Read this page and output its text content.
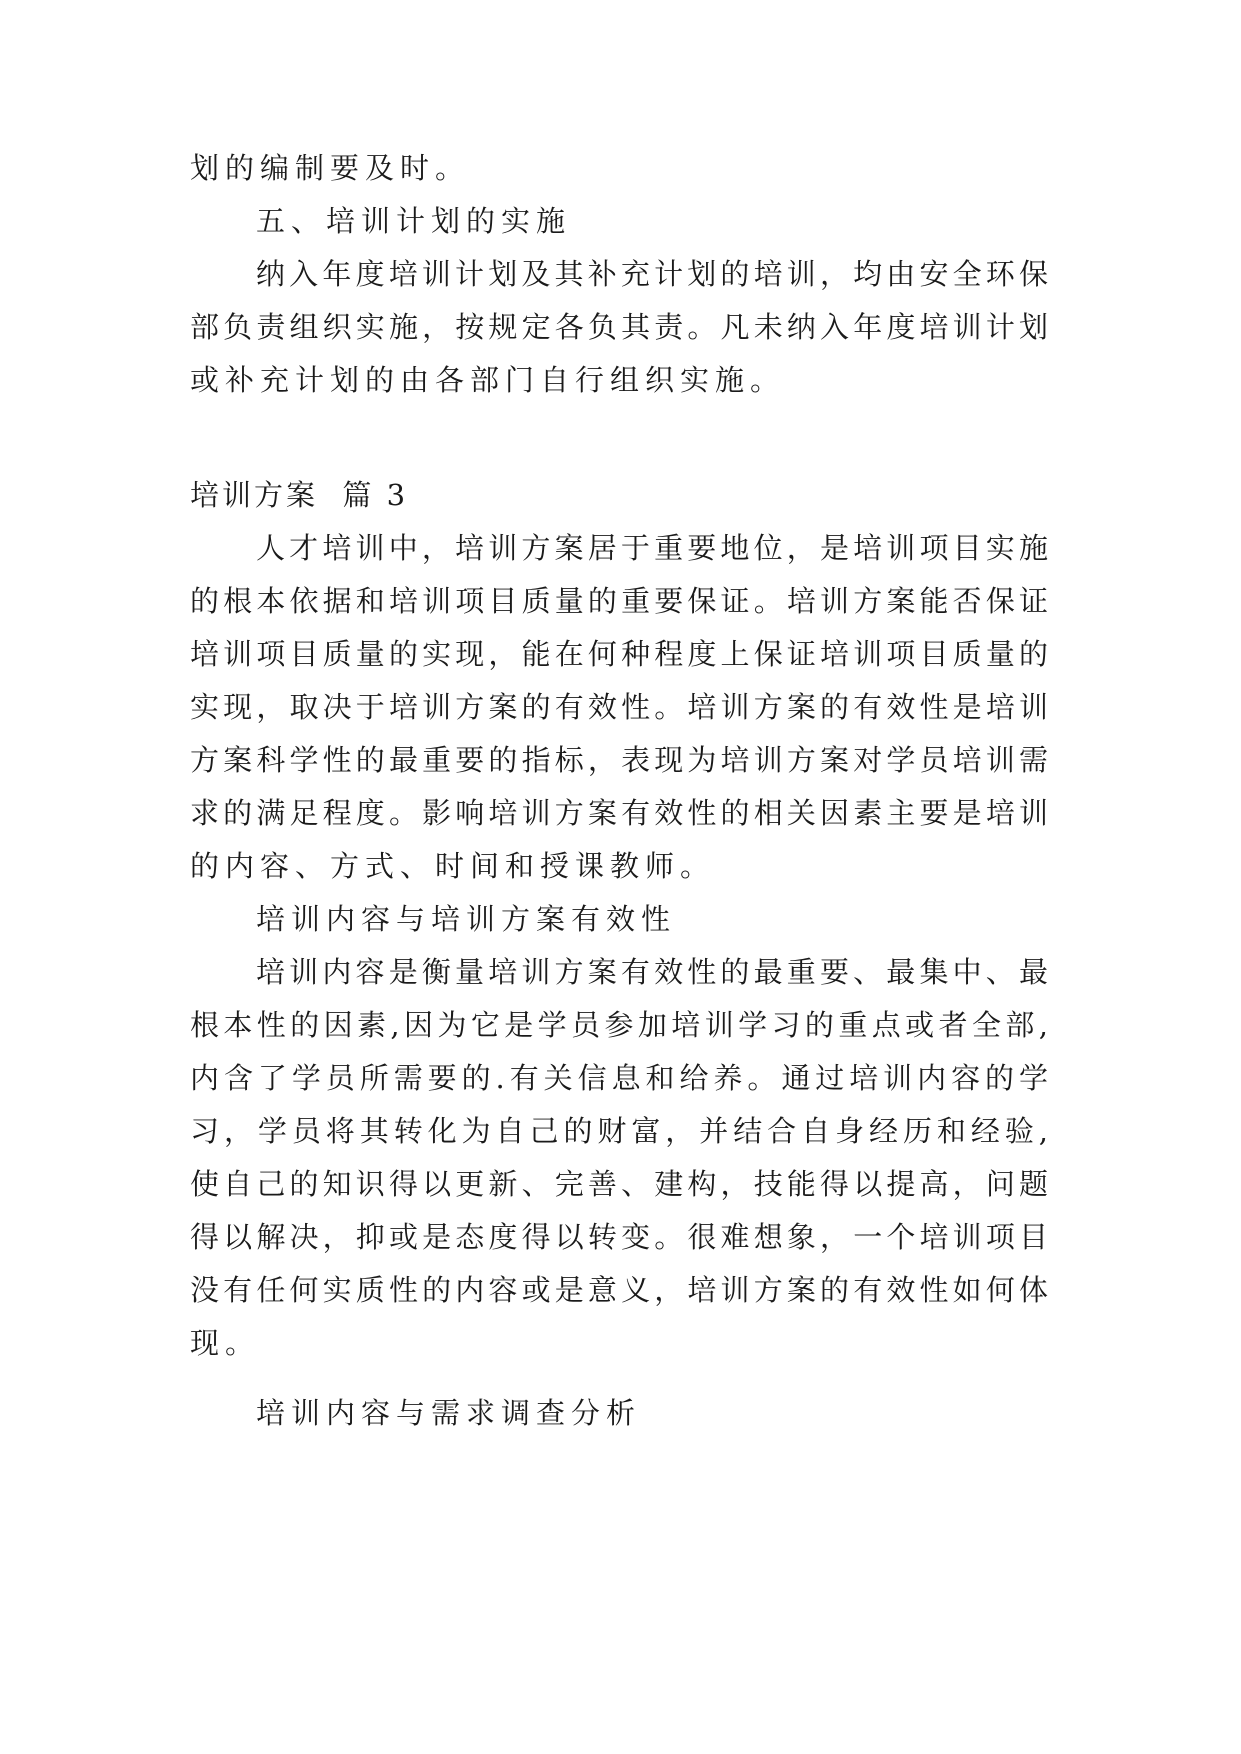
划的编制要及时。
五、培训计划的实施
纳入年度培训计划及其补充计划的培训，均由安全环保
部负责组织实施，按规定各负其责。凡未纳入年度培训计划
或补充计划的由各部门自行组织实施。
培训方案  篇 3
人才培训中，培训方案居于重要地位，是培训项目实施
的根本依据和培训项目质量的重要保证。培训方案能否保证
培训项目质量的实现，能在何种程度上保证培训项目质量的
实现，取决于培训方案的有效性。培训方案的有效性是培训
方案科学性的最重要的指标，表现为培训方案对学员培训需
求的满足程度。影响培训方案有效性的相关因素主要是培训
的内容、方式、时间和授课教师。
培训内容与培训方案有效性
培训内容是衡量培训方案有效性的最重要、最集中、最
根本性的因素,因为它是学员参加培训学习的重点或者全部,
内含了学员所需要的.有关信息和给养。通过培训内容的学
习，学员将其转化为自己的财富，并结合自身经历和经验,
使自己的知识得以更新、完善、建构，技能得以提高，问题
得以解决，抑或是态度得以转变。很难想象，一个培训项目
没有任何实质性的内容或是意义，培训方案的有效性如何体
现。
培训内容与需求调查分析
